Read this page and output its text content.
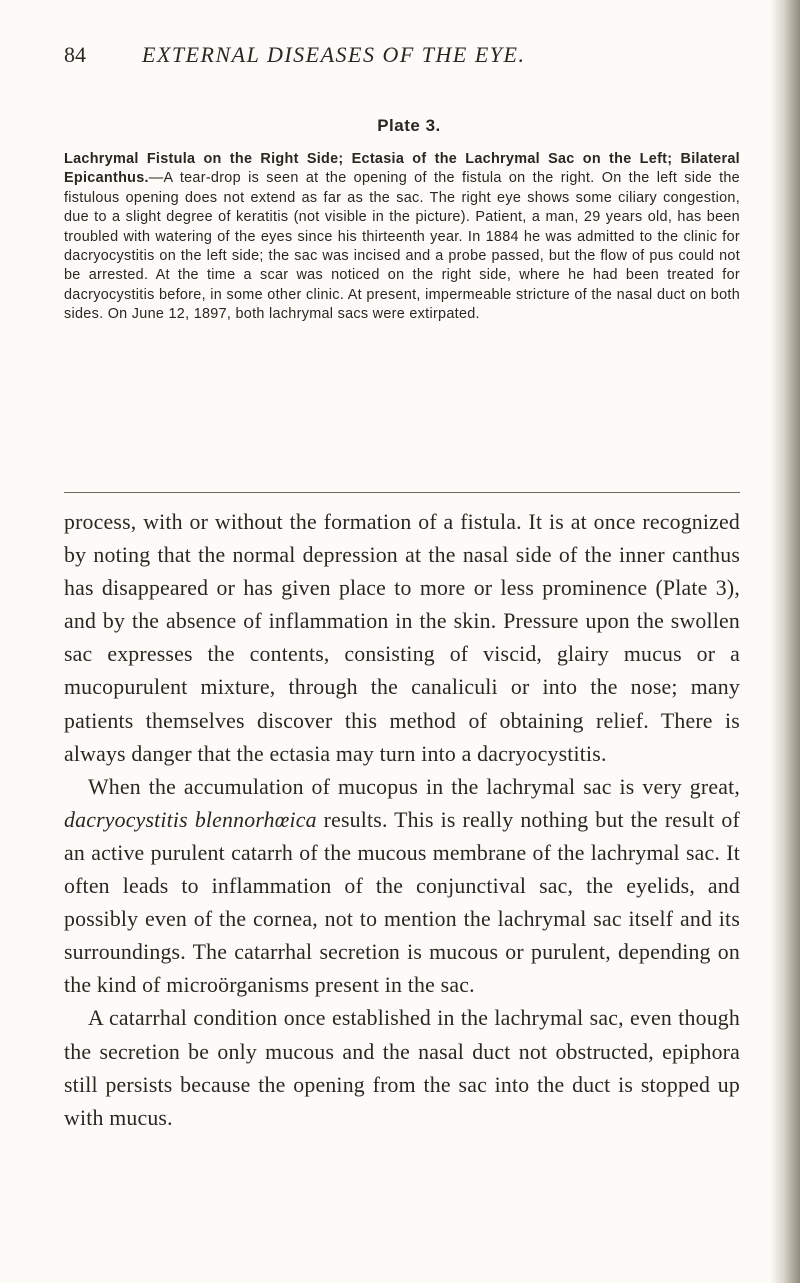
84	EXTERNAL DISEASES OF THE EYE.
Plate 3.
Lachrymal Fistula on the Right Side; Ectasia of the Lachrymal Sac on the Left; Bilateral Epicanthus.—A tear-drop is seen at the opening of the fistula on the right. On the left side the fistulous opening does not extend as far as the sac. The right eye shows some ciliary congestion, due to a slight degree of keratitis (not visible in the picture). Patient, a man, 29 years old, has been troubled with watering of the eyes since his thirteenth year. In 1884 he was admitted to the clinic for dacryocystitis on the left side; the sac was incised and a probe passed, but the flow of pus could not be arrested. At the time a scar was noticed on the right side, where he had been treated for dacryocystitis before, in some other clinic. At present, impermeable stricture of the nasal duct on both sides. On June 12, 1897, both lachrymal sacs were extirpated.

process, with or without the formation of a fistula. It is at once recognized by noting that the normal depression at the nasal side of the inner canthus has disappeared or has given place to more or less prominence (Plate 3), and by the absence of inflammation in the skin. Pressure upon the swollen sac expresses the contents, consisting of viscid, glairy mucus or a mucopurulent mixture, through the canaliculi or into the nose; many patients themselves discover this method of obtaining relief. There is always danger that the ectasia may turn into a dacryocystitis.

When the accumulation of mucopus in the lachrymal sac is very great, dacryocystitis blennorhœica results. This is really nothing but the result of an active purulent catarrh of the mucous membrane of the lachrymal sac. It often leads to inflammation of the conjunctival sac, the eyelids, and possibly even of the cornea, not to mention the lachrymal sac itself and its surroundings. The catarrhal secretion is mucous or purulent, depending on the kind of microörganisms present in the sac.

A catarrhal condition once established in the lachrymal sac, even though the secretion be only mucous and the nasal duct not obstructed, epiphora still persists because the opening from the sac into the duct is stopped up with mucus.
